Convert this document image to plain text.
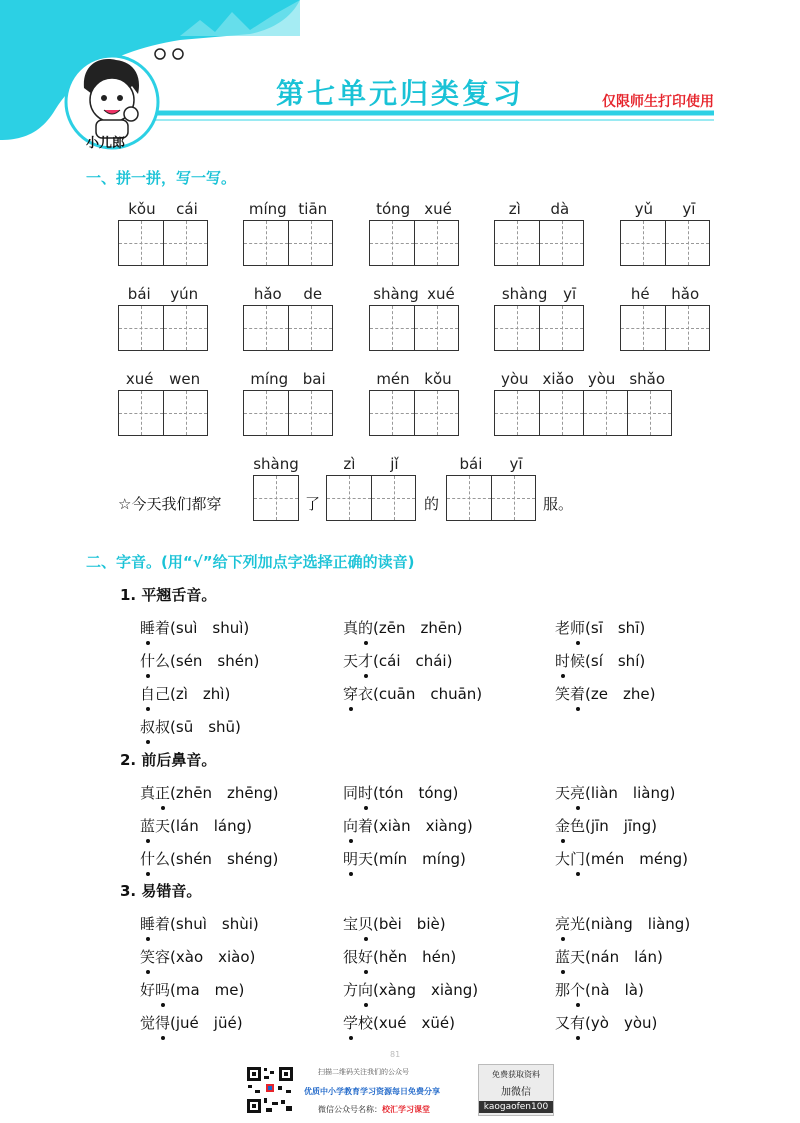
第七单元归类复习	仅限师生打印使用
小儿郎
一、拼一拼，写一写。
kǒu cái	míng tiān	tóng xué	zì dà	yǔ yī
bái yún	hǎo de	shàng xué	shàng yī	hé hǎo
xué wen	míng bai	mén kǒu	yòu xiǎo yòu shǎo
shàng	zì jǐ	bái yī
☆今天我们都穿	了	的	服。
二、字音。(用“√”给下列加点字选择正确的读音)
1. 平翘舌音。
2. 前后鼻音。
3. 易错音。
睡着(suì　shuì)	真的(zēn　zhēn)	老师(sī　shī)
什么(sén　shén)	天才(cái　chái)	时候(sí　shí)
自己(zì　zhì)	穿衣(cuān　chuān)	笑着(ze　zhe)
叔叔(sū　shū)
真正(zhēn　zhēng)	同时(tón　tóng)	天亮(liàn　liàng)
蓝天(lán　láng)	向着(xiàn　xiàng)	金色(jīn　jīng)
什么(shén　shéng)	明天(mín　míng)	大门(mén　méng)
睡着(shuì　shùi)	宝贝(bèi　biè)	亮光(niàng　liàng)
笑容(xào　xiào)	很好(hěn　hén)	蓝天(nán　lán)
好吗(ma　me)	方向(xàng　xiàng)	那个(nà　là)
觉得(jué　jüé)	学校(xué　xüé)	又有(yò　yòu)
81
扫描二维码关注我们的公众号
优质中小学教育学习资源每日免费分享
微信公众号名称：校汇学习课堂
免费获取资料
加微信
kaogaofen100
